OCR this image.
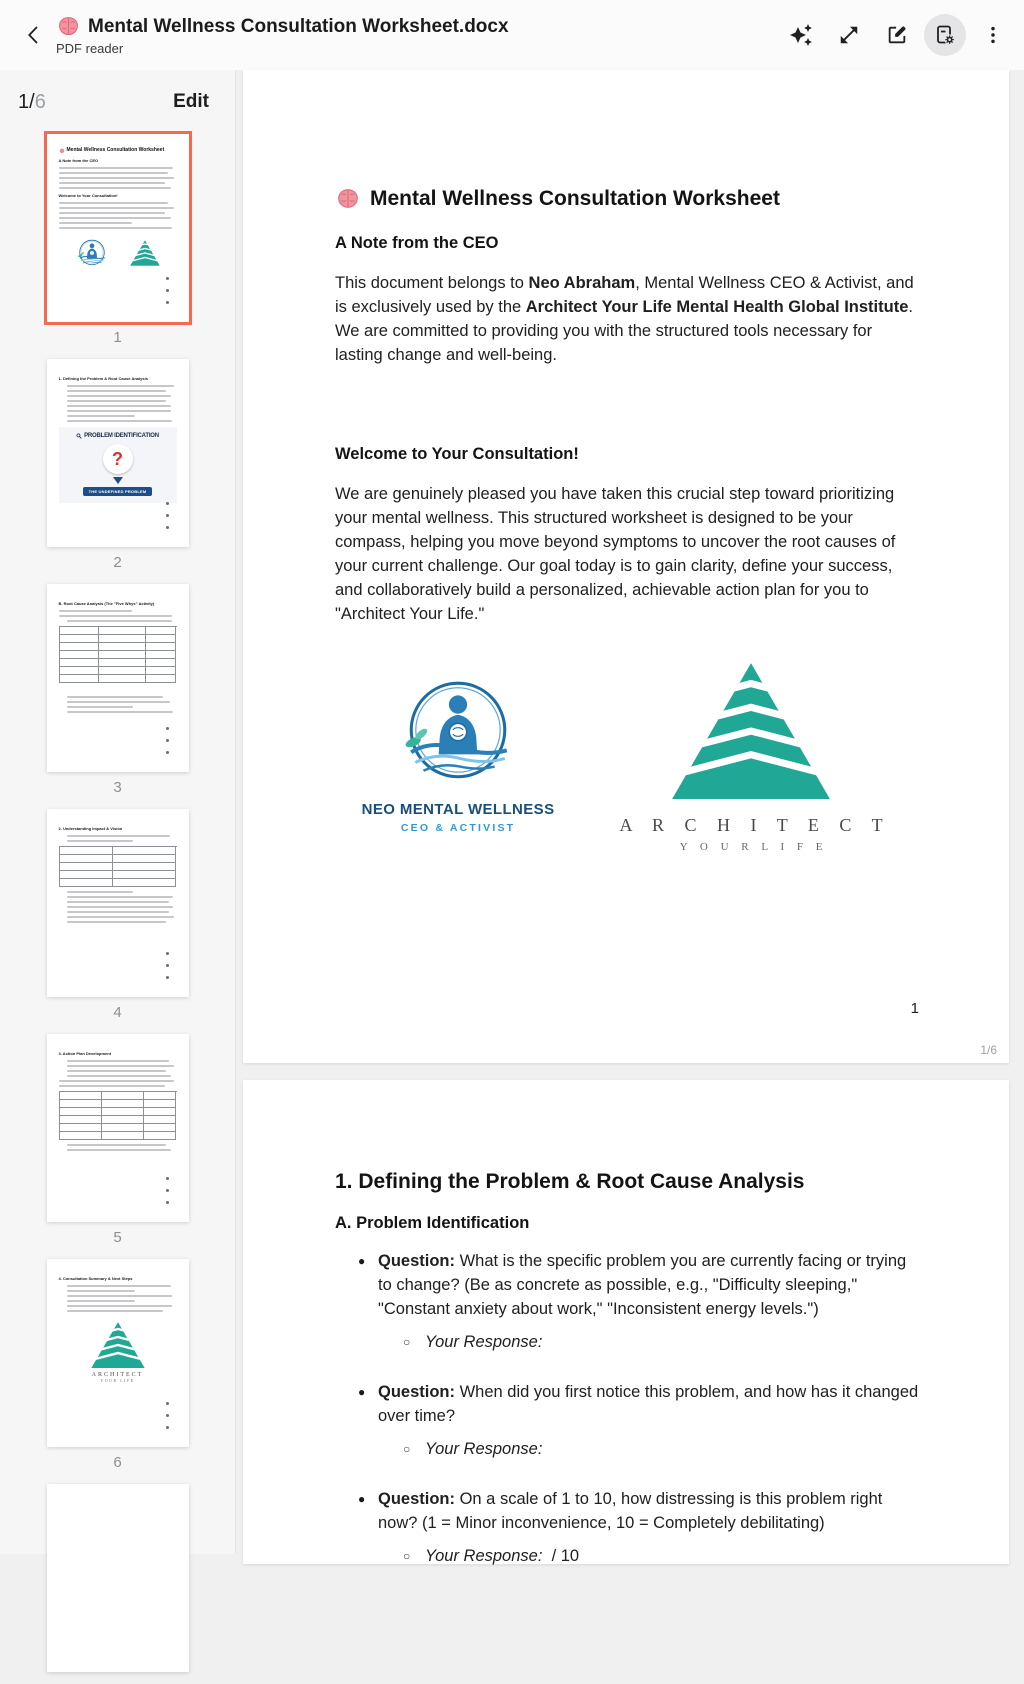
Mental Wellness Consultation Worksheet.docx
PDF reader
1/6	Edit
Mental Wellness Consultation Worksheet
A Note from the CEO
Welcome to Your Consultation!
1
1. Defining the Problem & Root Cause Analysis
PROBLEM IDENTIFICATION
?
THE UNDEFINED PROBLEM
2
B. Root Cause Analysis (The "Five Whys" Activity)

3
2. Understanding Impact & Vision
4
3. Action Plan Development
5
4. Consultation Summary & Next Steps
ARCHITECT
YOUR LIFE
6
Mental Wellness Consultation Worksheet
A Note from the CEO

This document belongs to Neo Abraham, Mental Wellness CEO & Activist, and is exclusively used by the Architect Your Life Mental Health Global Institute. We are committed to providing you with the structured tools necessary for lasting change and well-being.

Welcome to Your Consultation!

We are genuinely pleased you have taken this crucial step toward prioritizing your mental wellness. This structured worksheet is designed to be your compass, helping you move beyond symptoms to uncover the root causes of your current challenge. Our goal today is to gain clarity, define your success, and collaboratively build a personalized, achievable action plan for you to "Architect Your Life."

NEO MENTAL WELLNESS
CEO & ACTIVIST	A R C H I T E C T
Y O U R L I F E
1
1/6
1. Defining the Problem & Root Cause Analysis
A. Problem Identification
● Question: What is the specific problem you are currently facing or trying to change? (Be as concrete as possible, e.g., "Difficulty sleeping," "Constant anxiety about work," "Inconsistent energy levels.")
○ Your Response:
● Question: When did you first notice this problem, and how has it changed over time?
○ Your Response:
● Question: On a scale of 1 to 10, how distressing is this problem right now? (1 = Minor inconvenience, 10 = Completely debilitating)
○ Your Response: / 10
